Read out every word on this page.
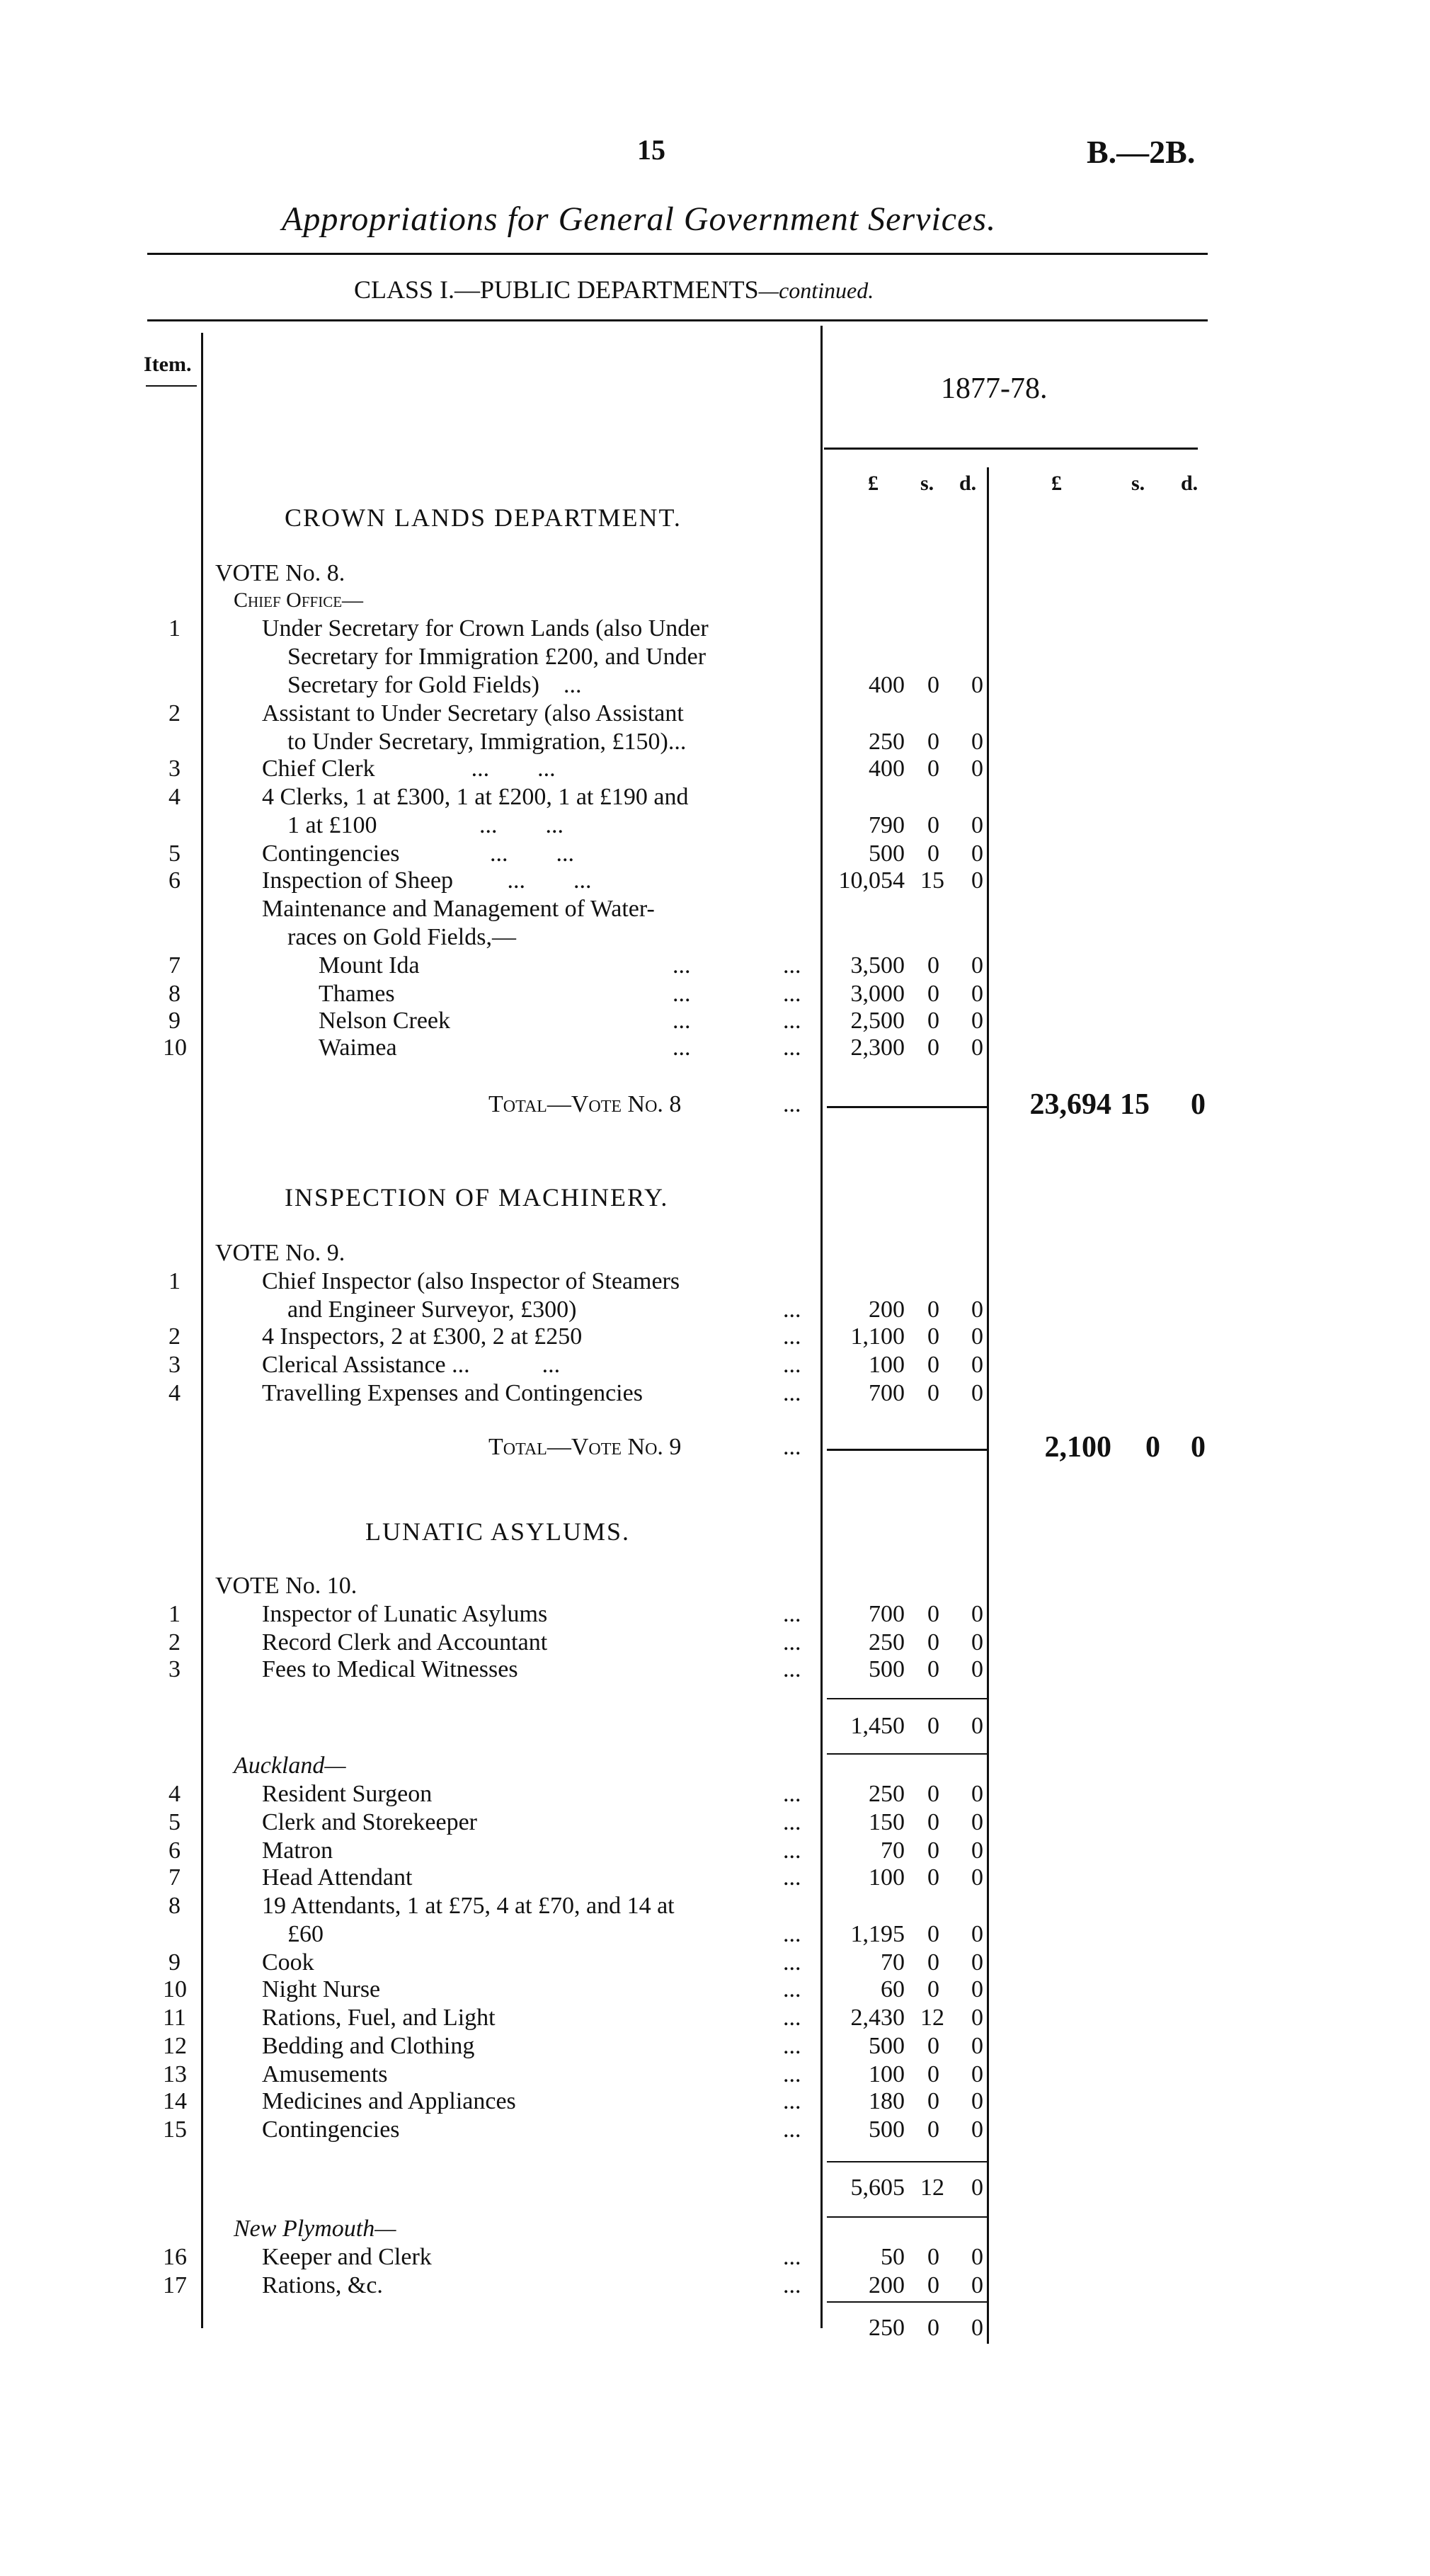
15	B.—2B.
Appropriations for General Government Services.
CLASS I.—PUBLIC DEPARTMENTS—continued.
Item.
1877-78.
£ s. d.	£	s. d.
CROWN LANDS DEPARTMENT.
VOTE No. 8.
Chief Office—
1	Under Secretary for Crown Lands (also Under
Secretary for Immigration £200, and Under
Secretary for Gold Fields)    ...	400 0 0
2	Assistant to Under Secretary (also Assistant
to Under Secretary, Immigration, £150)...	250 0 0
3	Chief Clerk                ...        ...	400 0 0
4	4 Clerks, 1 at £300, 1 at £200, 1 at £190 and
1 at £100                 ...        ...	790 0 0
5	Contingencies               ...        ...	500 0 0
6	Inspection of Sheep         ...        ...	10,054 15 0
Maintenance and Management of Water-
races on Gold Fields,—
7	Mount Ida	...	...	3,500 0 0
8	Thames	...	...	3,000 0 0
9	Nelson Creek	...	...	2,500 0 0
10	Waimea	...	...	2,300 0 0
Total—Vote No. 8	...	23,694 15 0
INSPECTION OF MACHINERY.
VOTE No. 9.
1	Chief Inspector (also Inspector of Steamers
and Engineer Surveyor, £300)	...	200 0 0
2	4 Inspectors, 2 at £300, 2 at £250	...	1,100 0 0
3	Clerical Assistance ...            ...	...	100 0 0
4	Travelling Expenses and Contingencies	...	700 0 0
Total—Vote No. 9	...	2,100 0 0
LUNATIC ASYLUMS.
VOTE No. 10.
1	Inspector of Lunatic Asylums	...	700 0 0
2	Record Clerk and Accountant	...	250 0 0
3	Fees to Medical Witnesses	...	500 0 0
1,450 0 0
Auckland—
4	Resident Surgeon	...	250 0 0
5	Clerk and Storekeeper	...	150 0 0
6	Matron	...	70 0 0
7	Head Attendant	...	100 0 0
8	19 Attendants, 1 at £75, 4 at £70, and 14 at
£60	...	1,195 0 0
9	Cook	...	70 0 0
10	Night Nurse	...	60 0 0
11	Rations, Fuel, and Light	...	2,430 12 0
12	Bedding and Clothing	...	500 0 0
13	Amusements	...	100 0 0
14	Medicines and Appliances	...	180 0 0
15	Contingencies	...	500 0 0
5,605 12 0
New Plymouth—
16	Keeper and Clerk	...	50 0 0
17	Rations, &c.	...	200 0 0
250 0 0
